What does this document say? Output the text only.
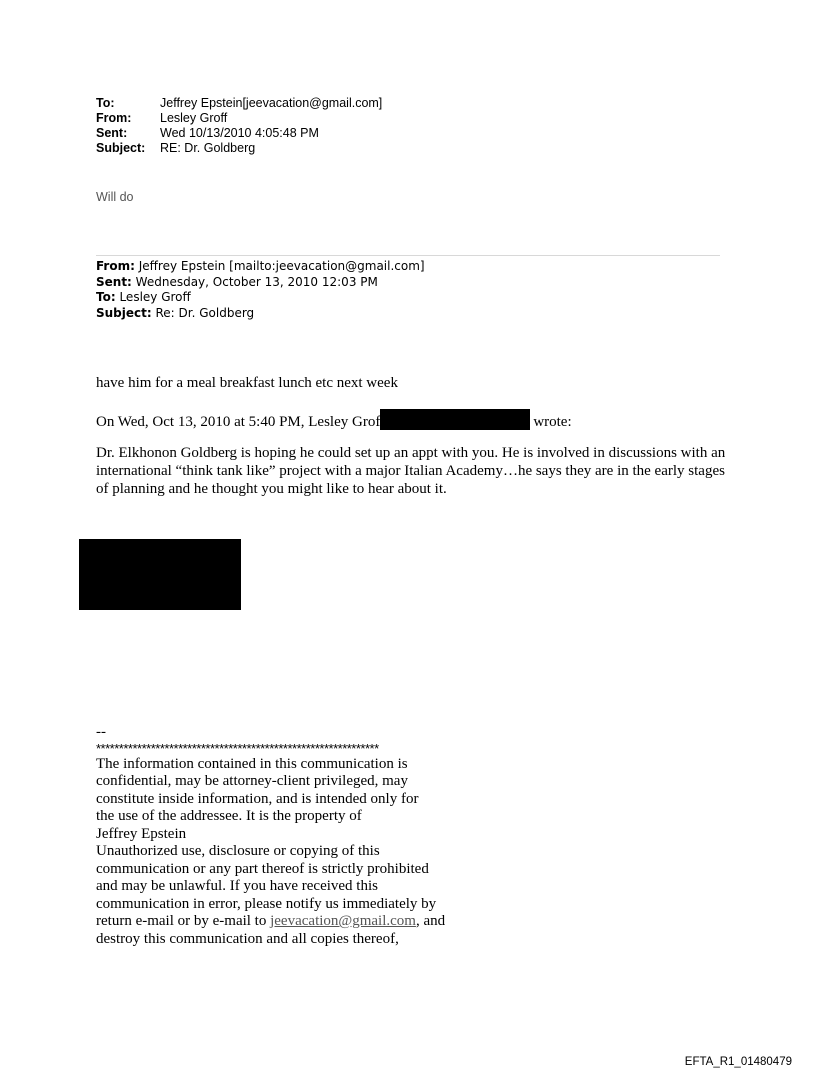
To:	Jeffrey Epstein[jeevacation@gmail.com]
From:	Lesley Groff
Sent:	Wed 10/13/2010 4:05:48 PM
Subject:	RE: Dr. Goldberg
Will do
From: Jeffrey Epstein [mailto:jeevacation@gmail.com]
Sent: Wednesday, October 13, 2010 12:03 PM
To: Lesley Groff
Subject: Re: Dr. Goldberg
have him for a meal breakfast lunch etc next week
On Wed, Oct 13, 2010 at 5:40 PM, Lesley Grof	wrote:
Dr. Elkhonon Goldberg is hoping he could set up an appt with you. He is involved in discussions with an international “think tank like” project with a major Italian Academy…he says they are in the early stages of planning and he thought you might like to hear about it.
--
**************************************************************
The information contained in this communication is
confidential, may be attorney-client privileged, may
constitute inside information, and is intended only for
the use of the addressee. It is the property of
Jeffrey Epstein
Unauthorized use, disclosure or copying of this
communication or any part thereof is strictly prohibited
and may be unlawful. If you have received this
communication in error, please notify us immediately by
return e-mail or by e-mail to jeevacation@gmail.com, and
destroy this communication and all copies thereof,
EFTA_R1_01480479
